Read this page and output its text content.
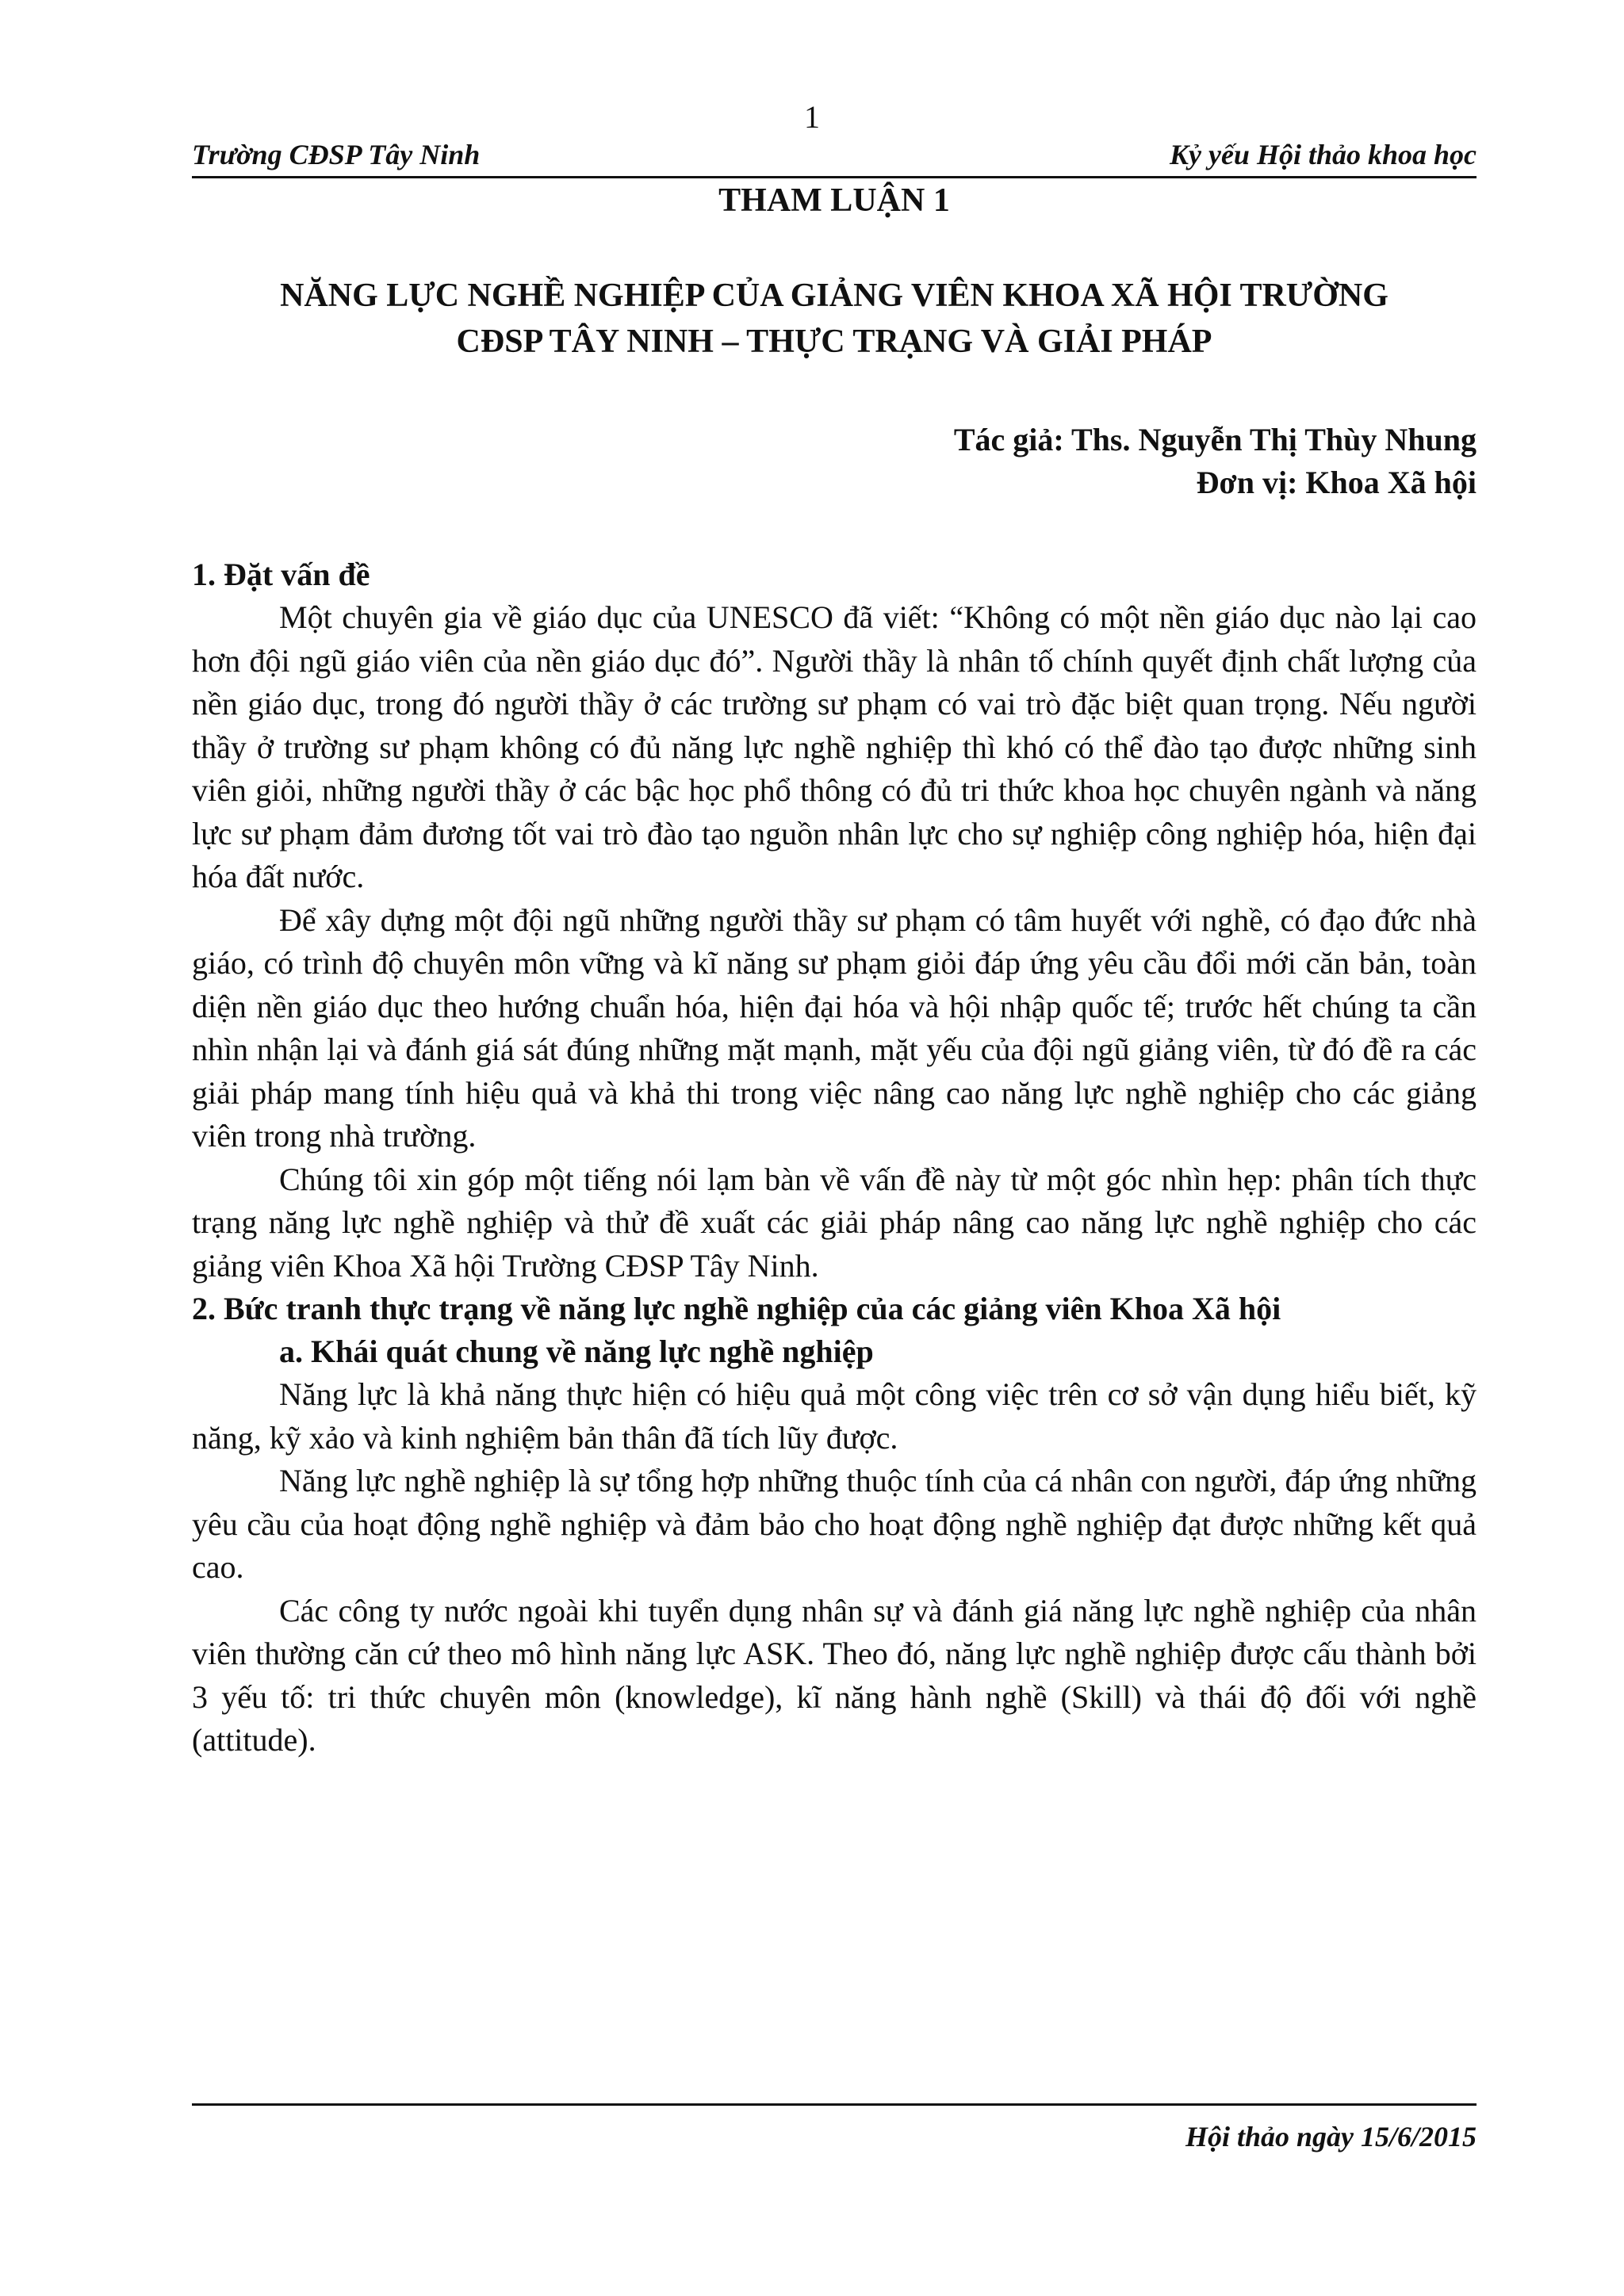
1
Trường CĐSP Tây Ninh	Kỷ yếu Hội thảo khoa học
THAM LUẬN 1
NĂNG LỰC NGHỀ NGHIỆP CỦA GIẢNG VIÊN KHOA XÃ HỘI TRƯỜNG
CĐSP TÂY NINH – THỰC TRẠNG VÀ GIẢI PHÁP
Tác giả: Ths. Nguyễn Thị Thùy Nhung
Đơn vị: Khoa Xã hội
1. Đặt vấn đề

Một chuyên gia về giáo dục của UNESCO đã viết: “Không có một nền giáo dục nào lại cao hơn đội ngũ giáo viên của nền giáo dục đó”. Người thầy là nhân tố chính quyết định chất lượng của nền giáo dục, trong đó người thầy ở các trường sư phạm có vai trò đặc biệt quan trọng. Nếu người thầy ở trường sư phạm không có đủ năng lực nghề nghiệp thì khó có thể đào tạo được những sinh viên giỏi, những người thầy ở các bậc học phổ thông có đủ tri thức khoa học chuyên ngành và năng lực sư phạm đảm đương tốt vai trò đào tạo nguồn nhân lực cho sự nghiệp công nghiệp hóa, hiện đại hóa đất nước.

Để xây dựng một đội ngũ những người thầy sư phạm có tâm huyết với nghề, có đạo đức nhà giáo, có trình độ chuyên môn vững và kĩ năng sư phạm giỏi đáp ứng yêu cầu đổi mới căn bản, toàn diện nền giáo dục theo hướng chuẩn hóa, hiện đại hóa và hội nhập quốc tế; trước hết chúng ta cần nhìn nhận lại và đánh giá sát đúng những mặt mạnh, mặt yếu của đội ngũ giảng viên, từ đó đề ra các giải pháp mang tính hiệu quả và khả thi trong việc nâng cao năng lực nghề nghiệp cho các giảng viên trong nhà trường.

Chúng tôi xin góp một tiếng nói lạm bàn về vấn đề này từ một góc nhìn hẹp: phân tích thực trạng năng lực nghề nghiệp và thử đề xuất các giải pháp nâng cao năng lực nghề nghiệp cho các giảng viên Khoa Xã hội Trường CĐSP Tây Ninh.

2. Bức tranh thực trạng về năng lực nghề nghiệp của các giảng viên Khoa Xã hội
a. Khái quát chung về năng lực nghề nghiệp

Năng lực là khả năng thực hiện có hiệu quả một công việc trên cơ sở vận dụng hiểu biết, kỹ năng, kỹ xảo và kinh nghiệm bản thân đã tích lũy được.

Năng lực nghề nghiệp là sự tổng hợp những thuộc tính của cá nhân con người, đáp ứng những yêu cầu của hoạt động nghề nghiệp và đảm bảo cho hoạt động nghề nghiệp đạt được những kết quả cao.

Các công ty nước ngoài khi tuyển dụng nhân sự và đánh giá năng lực nghề nghiệp của nhân viên thường căn cứ theo mô hình năng lực ASK. Theo đó, năng lực nghề nghiệp được cấu thành bởi 3 yếu tố: tri thức chuyên môn (knowledge), kĩ năng hành nghề (Skill) và thái độ đối với nghề (attitude).

Hội thảo ngày 15/6/2015
